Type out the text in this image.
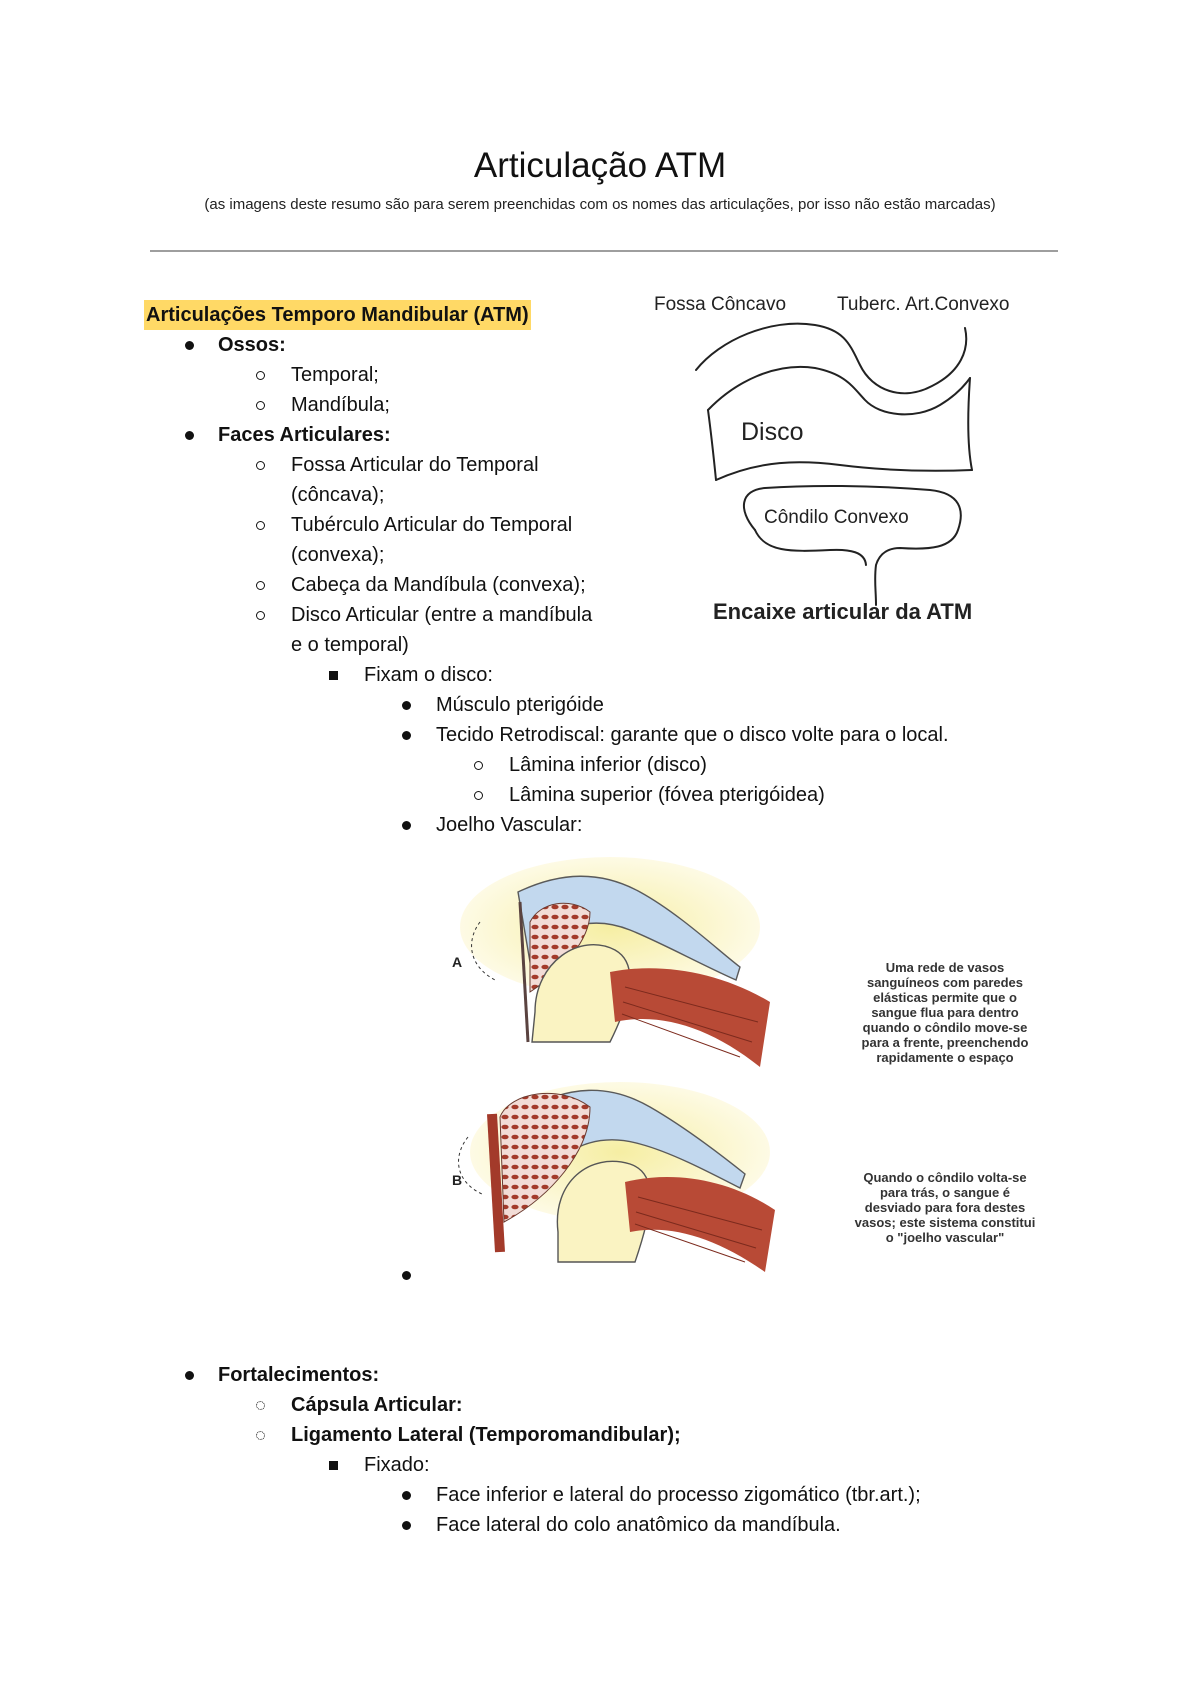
Articulação ATM
(as imagens deste resumo são para serem preenchidas com os nomes das articulações, por isso não estão marcadas)
Articulações Temporo Mandibular (ATM)
Ossos:
Temporal;
Mandíbula;
Faces Articulares:
Fossa Articular do Temporal
(côncava);
Tubérculo Articular do Temporal
(convexa);
Cabeça da Mandíbula (convexa);
Disco Articular (entre a mandíbula
e o temporal)
Fixam o disco:
Músculo pterigóide
Tecido Retrodiscal: garante que o disco volte para o local.
Lâmina inferior (disco)
Lâmina superior (fóvea pterigóidea)
Joelho Vascular:
Fossa Côncavo	Tuberc. Art.Convexo
Disco
Côndilo Convexo
Encaixe articular da ATM
A	Uma rede de vasos
sanguíneos com paredes
elásticas permite que o
sangue flua para dentro
quando o côndilo move-se
para a frente, preenchendo
rapidamente o espaço
B	Quando o côndilo volta-se
para trás, o sangue é
desviado para fora destes
vasos; este sistema constitui
o "joelho vascular"
Fortalecimentos:
Cápsula Articular:
Ligamento Lateral (Temporomandibular);
Fixado:
Face inferior e lateral do processo zigomático (tbr.art.);
Face lateral do colo anatômico da mandíbula.
